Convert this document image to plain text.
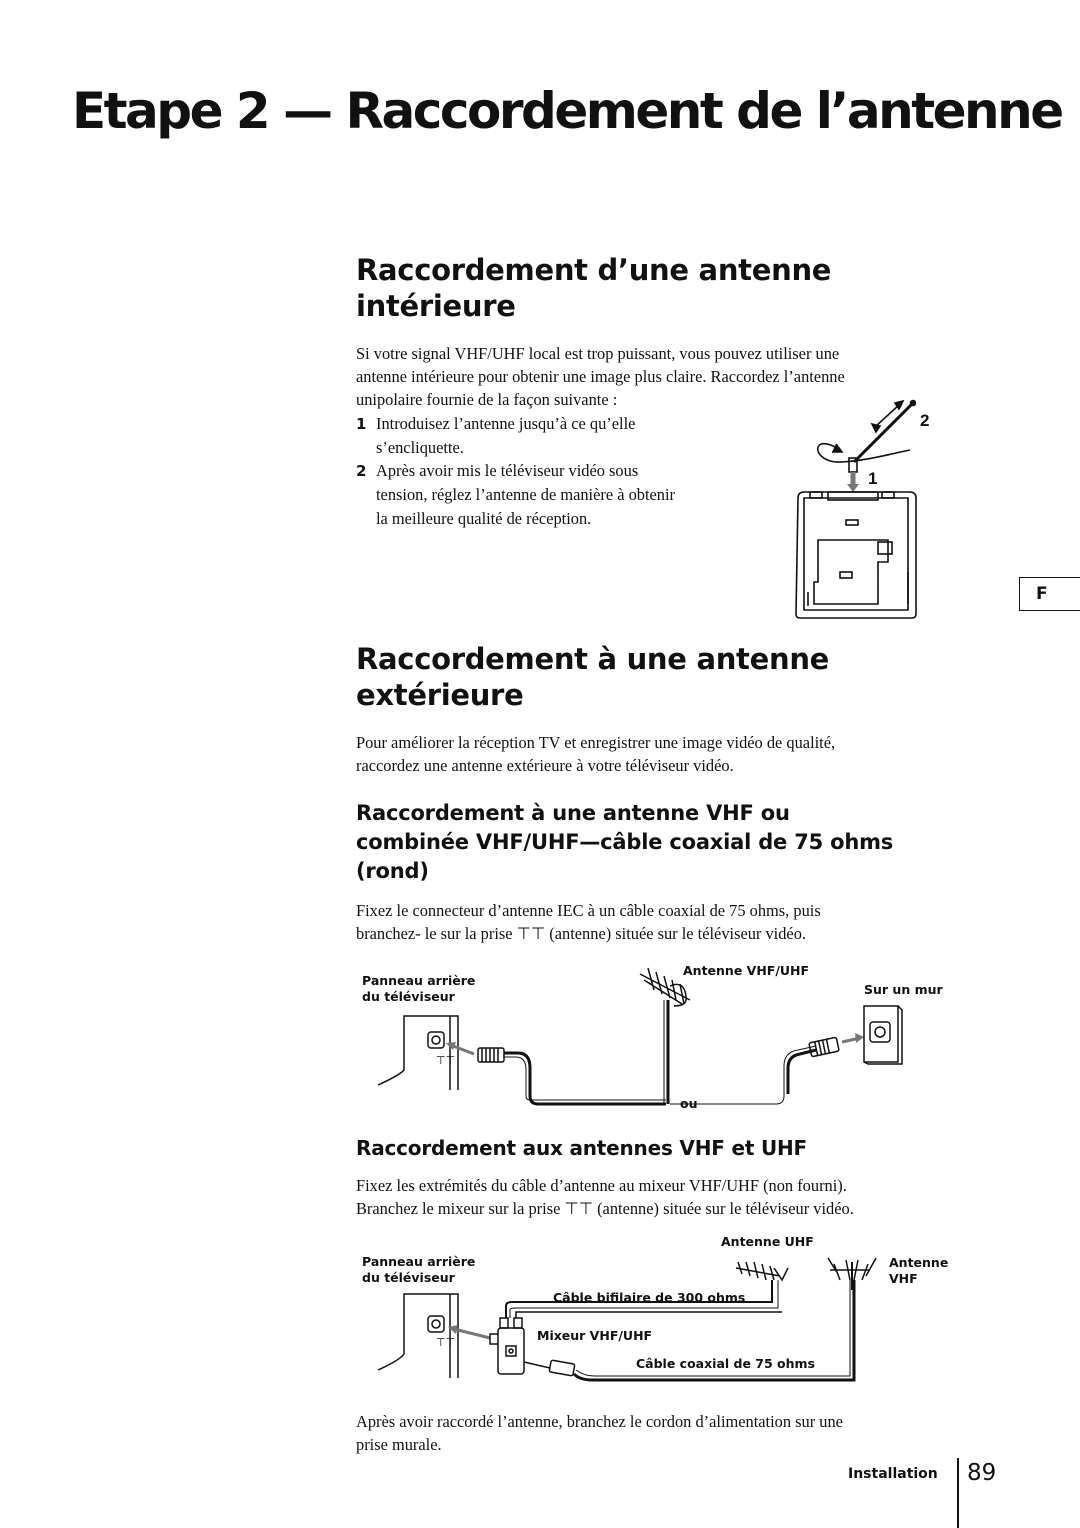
Etape 2 — Raccordement de l’antenne
F
Raccordement d’une antenne
intérieure

Si votre signal VHF/UHF local est trop puissant, vous pouvez utiliser une
antenne intérieure pour obtenir une image plus claire. Raccordez l’antenne
unipolaire fournie de la façon suivante :

1 Introduisez l’antenne jusqu’à ce qu’elle
s’encliquette.
2 Après avoir mis le téléviseur vidéo sous
tension, réglez l’antenne de manière à obtenir
la meilleure qualité de réception.
2
1
Raccordement à une antenne
extérieure

Pour améliorer la réception TV et enregistrer une image vidéo de qualité,
raccordez une antenne extérieure à votre téléviseur vidéo.

Raccordement à une antenne VHF ou
combinée VHF/UHF—câble coaxial de 75 ohms
(rond)

Fixez le connecteur d’antenne IEC à un câble coaxial de 75 ohms, puis
branchez- le sur la prise ⊤⊤ (antenne) située sur le téléviseur vidéo.

Panneau arrière
du téléviseur
Antenne VHF/UHF
Sur un mur
ou
⊤⊤
Raccordement aux antennes VHF et UHF

Fixez les extrémités du câble d’antenne au mixeur VHF/UHF (non fourni).
Branchez le mixeur sur la prise ⊤⊤ (antenne) située sur le téléviseur vidéo.

Panneau arrière
du téléviseur
Antenne UHF
Antenne
VHF
Câble bifilaire de 300 ohms
Mixeur VHF/UHF
Câble coaxial de 75 ohms
⊤⊤

Après avoir raccordé l’antenne, branchez le cordon d’alimentation sur une
prise murale.

Installation 89
